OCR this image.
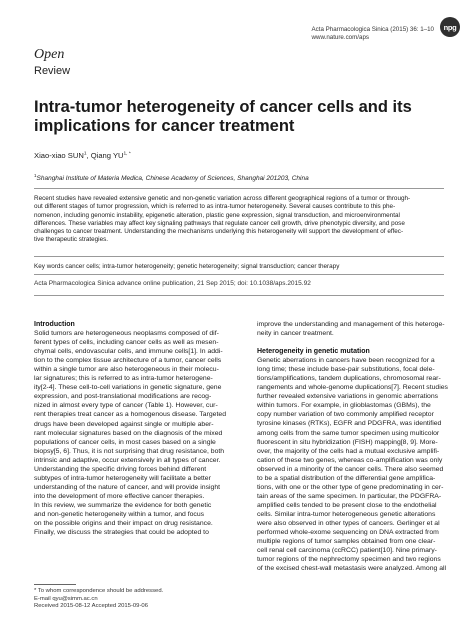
Acta Pharmacologica Sinica (2015) 36: 1–10
www.nature.com/aps
npg
Open
Review
Intra-tumor heterogeneity of cancer cells and its
implications for cancer treatment
Xiao-xiao SUN$^1$, Qiang $YU^{1, *}$
$^1$Shanghai Institute of Materia Medica, Chinese Academy of Sciences, Shanghai 201203, China
Recent studies have revealed extensive genetic and non-genetic variation across different geographical regions of a tumor or through-
out different stages of tumor progression, which is referred to as intra-tumor heterogeneity. Several causes contribute to this phe-
nomenon, including genomic instability, epigenetic alteration, plastic gene expression, signal transduction, and microenvironmental
differences. These variables may affect key signaling pathways that regulate cancer cell growth, drive phenotypic diversity, and pose
challenges to cancer treatment. Understanding the mechanisms underlying this heterogeneity will support the development of effec-
tive therapeutic strategies.
Key words cancer cells; intra-tumor heterogeneity; genetic heterogeneity; signal transduction; cancer therapy
Acta Pharmacologica Sinica advance online publication, 21 Sep 2015; doi: 10.1038/aps.2015.92
Introduction
Solid tumors are heterogeneous neoplasms composed of dif-
ferent types of cells, including cancer cells as well as mesen-
chymal cells, endovascular cells, and immune cells[1]. In addi-
tion to the complex tissue architecture of a tumor, cancer cells
within a single tumor are also heterogeneous in their molecu-
lar signatures; this is referred to as intra-tumor heterogene-
ity[2-4]. These cell-to-cell variations in genetic signature, gene
expression, and post-translational modifications are recog-
nized in almost every type of cancer (Table 1). However, cur-
rent therapies treat cancer as a homogenous disease. Targeted
drugs have been developed against single or multiple aber-
rant molecular signatures based on the diagnosis of the mixed
populations of cancer cells, in most cases based on a single
biopsy[5, 6]. Thus, it is not surprising that drug resistance, both
intrinsic and adaptive, occur extensively in all types of cancer.
Understanding the specific driving forces behind different
subtypes of intra-tumor heterogeneity will facilitate a better
understanding of the nature of cancer, and will provide insight
into the development of more effective cancer therapies.
In this review, we summarize the evidence for both genetic
and non-genetic heterogeneity within a tumor, and focus
on the possible origins and their impact on drug resistance.
Finally, we discuss the strategies that could be adopted to
improve the understanding and management of this heteroge-
neity in cancer treatment.
Heterogeneity in genetic mutation
Genetic aberrations in cancers have been recognized for a
long time; these include base-pair substitutions, focal dele-
tions/amplifications, tandem duplications, chromosomal rear-
rangements and whole-genome duplications[7]. Recent studies
further revealed extensive variations in genomic aberrations
within tumors. For example, in glioblastomas (GBMs), the
copy number variation of two commonly amplified receptor
tyrosine kinases (RTKs), EGFR and PDGFRA, was identified
among cells from the same tumor specimen using multicolor
fluorescent in situ hybridization (FISH) mapping[8, 9]. More-
over, the majority of the cells had a mutual exclusive amplifi-
cation of these two genes, whereas co-amplification was only
observed in a minority of the cancer cells. There also seemed
to be a spatial distribution of the differential gene amplifica-
tions, with one or the other type of gene predominating in cer-
tain areas of the same specimen. In particular, the PDGFRA-
amplified cells tended to be present close to the endothelial
cells. Similar intra-tumor heterogeneous genetic alterations
were also observed in other types of cancers. Gerlinger et al
performed whole-exome sequencing on DNA extracted from
multiple regions of tumor samples obtained from one clear-
cell renal cell carcinoma (ccRCC) patient[10]. Nine primary-
tumor regions of the nephrectomy specimen and two regions
of the excised chest-wall metastasis were analyzed. Among all
* To whom correspondence should be addressed.
E-mail qyu@simm.ac.cn
Received 2015-08-12 Accepted 2015-09-06
